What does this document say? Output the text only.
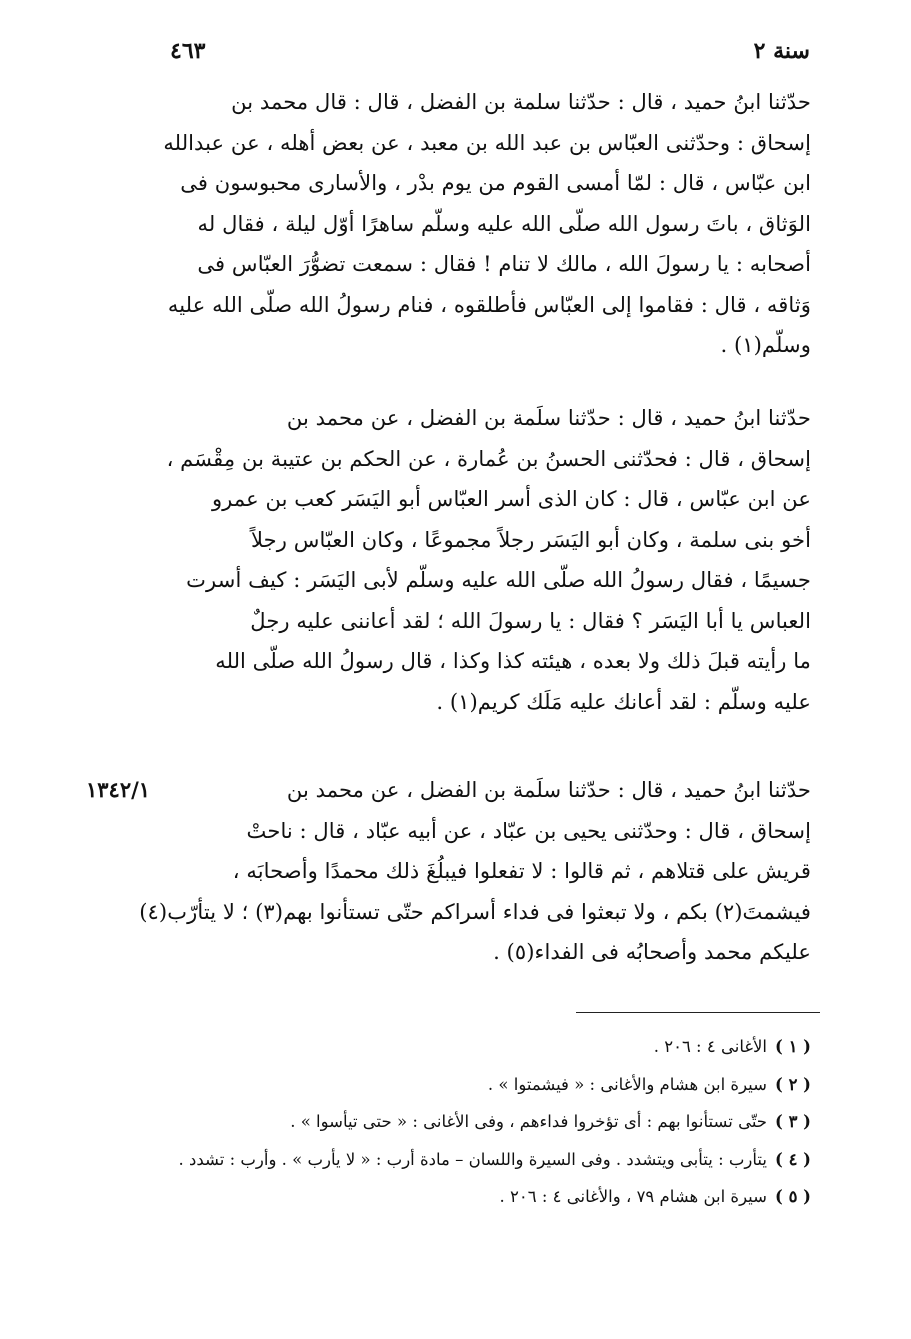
٤٦٣	سنة ٢
حدّثنا ابنُ حميد ، قال : حدّثنا سلمة بن الفضل ، قال : قال محمد بن
إسحاق : وحدّثنى العبّاس بن عبد الله بن معبد ، عن بعض أهله ، عن عبدالله
ابن عبّاس ، قال : لمّا أمسى القوم من يوم بدْر ، والأسارى محبوسون فى
الوَثاق ، باتَ رسول الله صلّى الله عليه وسلّم ساهرًا أوّل ليلة ، فقال له
أصحابه : يا رسولَ الله ، مالك لا تنام ! فقال : سمعت تضوُّرَ العبّاس فى
وَثاقه ، قال : فقاموا إلى العبّاس فأطلقوه ، فنام رسولُ الله صلّى الله عليه
وسلّم(١) .
حدّثنا ابنُ حميد ، قال : حدّثنا سلَمة بن الفضل ، عن محمد بن
إسحاق ، قال : فحدّثنى الحسنُ بن عُمارة ، عن الحكم بن عتيبة بن مِقْسَم ،
عن ابن عبّاس ، قال : كان الذى أسر العبّاس أبو اليَسَر كعب بن عمرو
أخو بنى سلمة ، وكان أبو اليَسَر رجلاً مجموعًا ، وكان العبّاس رجلاً
جسيمًا ، فقال رسولُ الله صلّى الله عليه وسلّم لأبى اليَسَر : كيف أسرت
العباس يا أبا اليَسَر ؟ فقال : يا رسولَ الله ؛ لقد أعاننى عليه رجلٌ
ما رأيته قبلَ ذلك ولا بعده ، هيئته كذا وكذا ، قال رسولُ الله صلّى الله
عليه وسلّم : لقد أعانك عليه مَلَك كريم(١) .
١٣٤٢/١	حدّثنا ابنُ حميد ، قال : حدّثنا سلَمة بن الفضل ، عن محمد بن
إسحاق ، قال : وحدّثنى يحيى بن عبّاد ، عن أبيه عبّاد ، قال : ناحتْ
قريش على قتلاهم ، ثم قالوا : لا تفعلوا فيبلُغَ ذلك محمدًا وأصحابَه ،
فيشمتَ(٢) بكم ، ولا تبعثوا فى فداء أسراكم حتّى تستأنوا بهم(٣) ؛ لا يتأرّب(٤)
عليكم محمد وأصحابُه فى الفداء(٥) .
( ١ )الأغانى ٤ : ٢٠٦ .
( ٢ )سيرة ابن هشام والأغانى : « فيشمتوا » .
( ٣ )حتّى تستأنوا بهم : أى تؤخروا فداءهم ، وفى الأغانى : « حتى تيأسوا » .
( ٤ )يتأرب : يتأبى ويتشدد . وفى السيرة واللسان – مادة أرب : « لا يأرب » . وأرب : تشدد .
( ٥ )سيرة ابن هشام ٧٩ ، والأغانى ٤ : ٢٠٦ .
